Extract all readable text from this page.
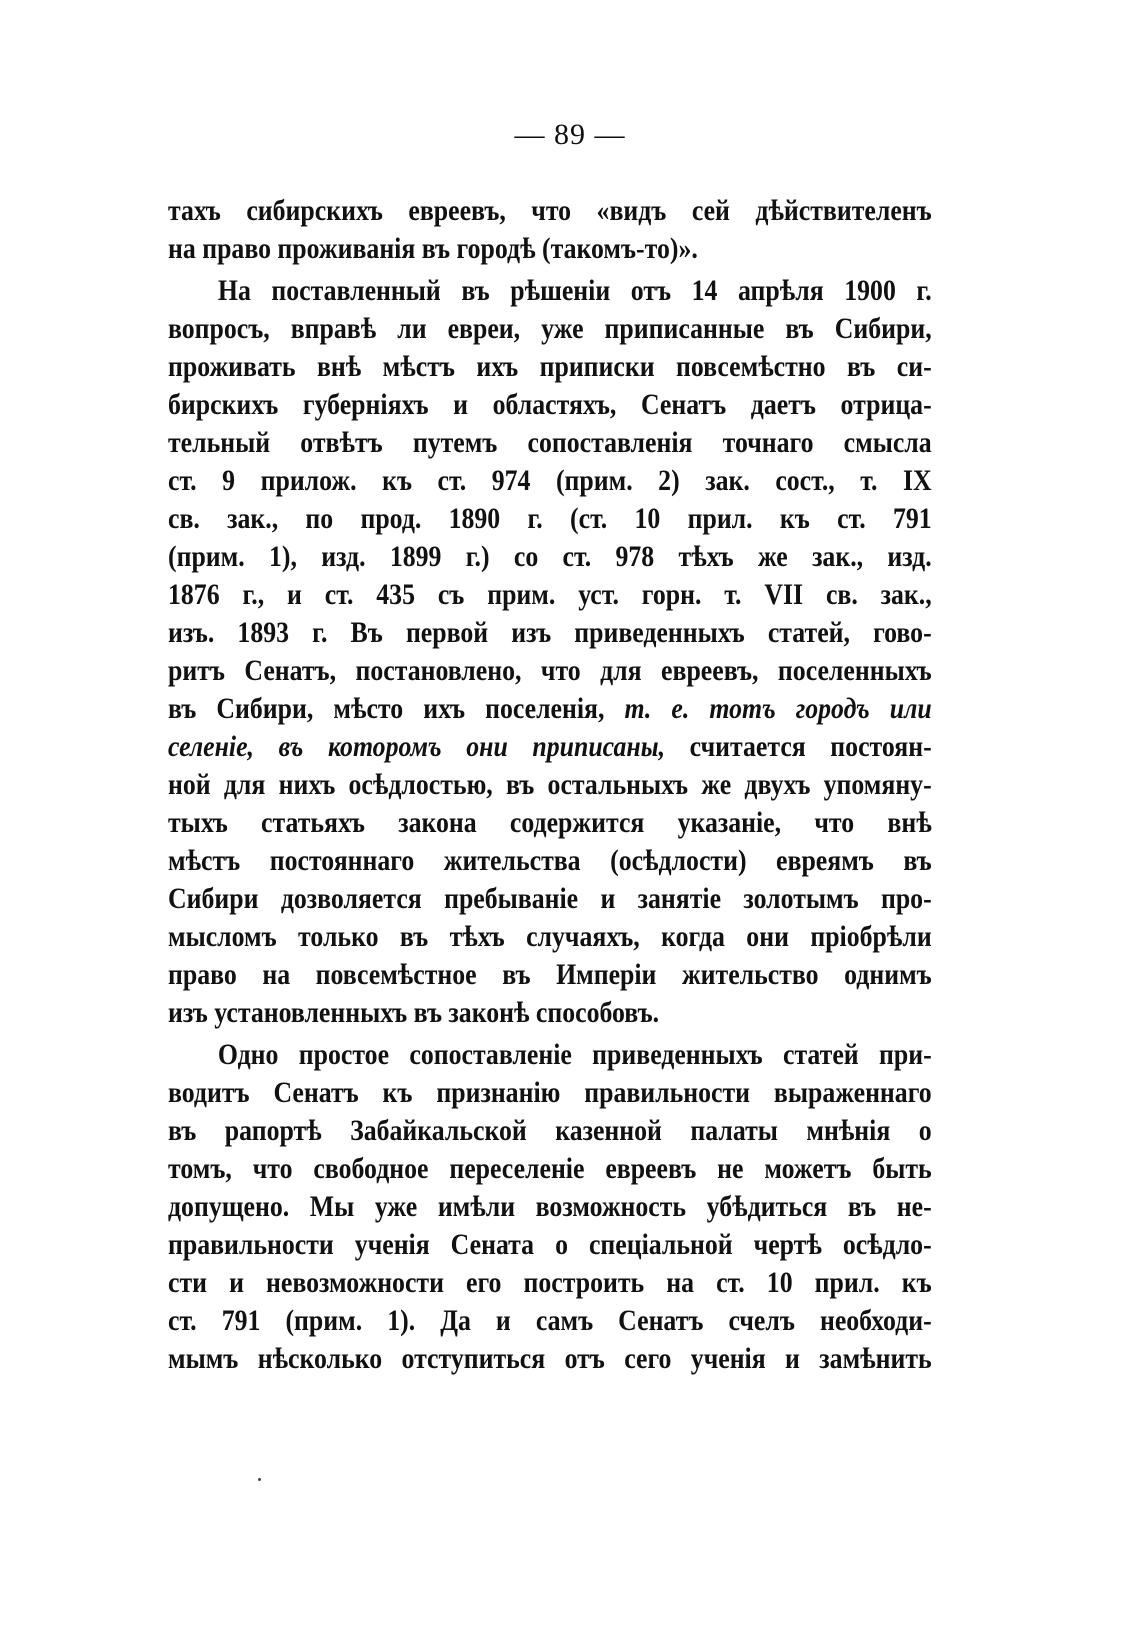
— 89 —
тахъ сибирскихъ евреевъ, что «видъ сей дѣйствителенъ
на право проживанія въ городѣ (такомъ-то)».
На поставленный въ рѣшеніи отъ 14 апрѣля 1900 г.
вопросъ, вправѣ ли евреи, уже приписанные въ Сибири,
проживать внѣ мѣстъ ихъ приписки повсемѣстно въ си-
бирскихъ губерніяхъ и областяхъ, Сенатъ даетъ отрица-
тельный отвѣтъ путемъ сопоставленія точнаго смысла
ст. 9 прилож. къ ст. 974 (прим. 2) зак. сост., т. IX
св. зак., по прод. 1890 г. (ст. 10 прил. къ ст. 791
(прим. 1), изд. 1899 г.) со ст. 978 тѣхъ же зак., изд.
1876 г., и ст. 435 съ прим. уст. горн. т. VII св. зак.,
изъ. 1893 г. Въ первой изъ приведенныхъ статей, гово-
ритъ Сенатъ, постановлено, что для евреевъ, поселенныхъ
въ Сибири, мѣсто ихъ поселенія, т. е. тотъ городъ или
селеніе, въ которомъ они приписаны, считается постоян-
ной для нихъ осѣдлостью, въ остальныхъ же двухъ упомяну-
тыхъ статьяхъ закона содержится указаніе, что внѣ
мѣстъ постояннаго жительства (осѣдлости) евреямъ въ
Сибири дозволяется пребываніе и занятіе золотымъ про-
мысломъ только въ тѣхъ случаяхъ, когда они пріобрѣли
право на повсемѣстное въ Имперіи жительство однимъ
изъ установленныхъ въ законѣ способовъ.
Одно простое сопоставленіе приведенныхъ статей при-
водитъ Сенатъ къ признанію правильности выраженнаго
въ рапортѣ Забайкальской казенной палаты мнѣнія о
томъ, что свободное переселеніе евреевъ не можетъ быть
допущено. Мы уже имѣли возможность убѣдиться въ не-
правильности ученія Сената о спеціальной чертѣ осѣдло-
сти и невозможности его построить на ст. 10 прил. къ
ст. 791 (прим. 1). Да и самъ Сенатъ счелъ необходи-
мымъ нѣсколько отступиться отъ сего ученія и замѣнить
